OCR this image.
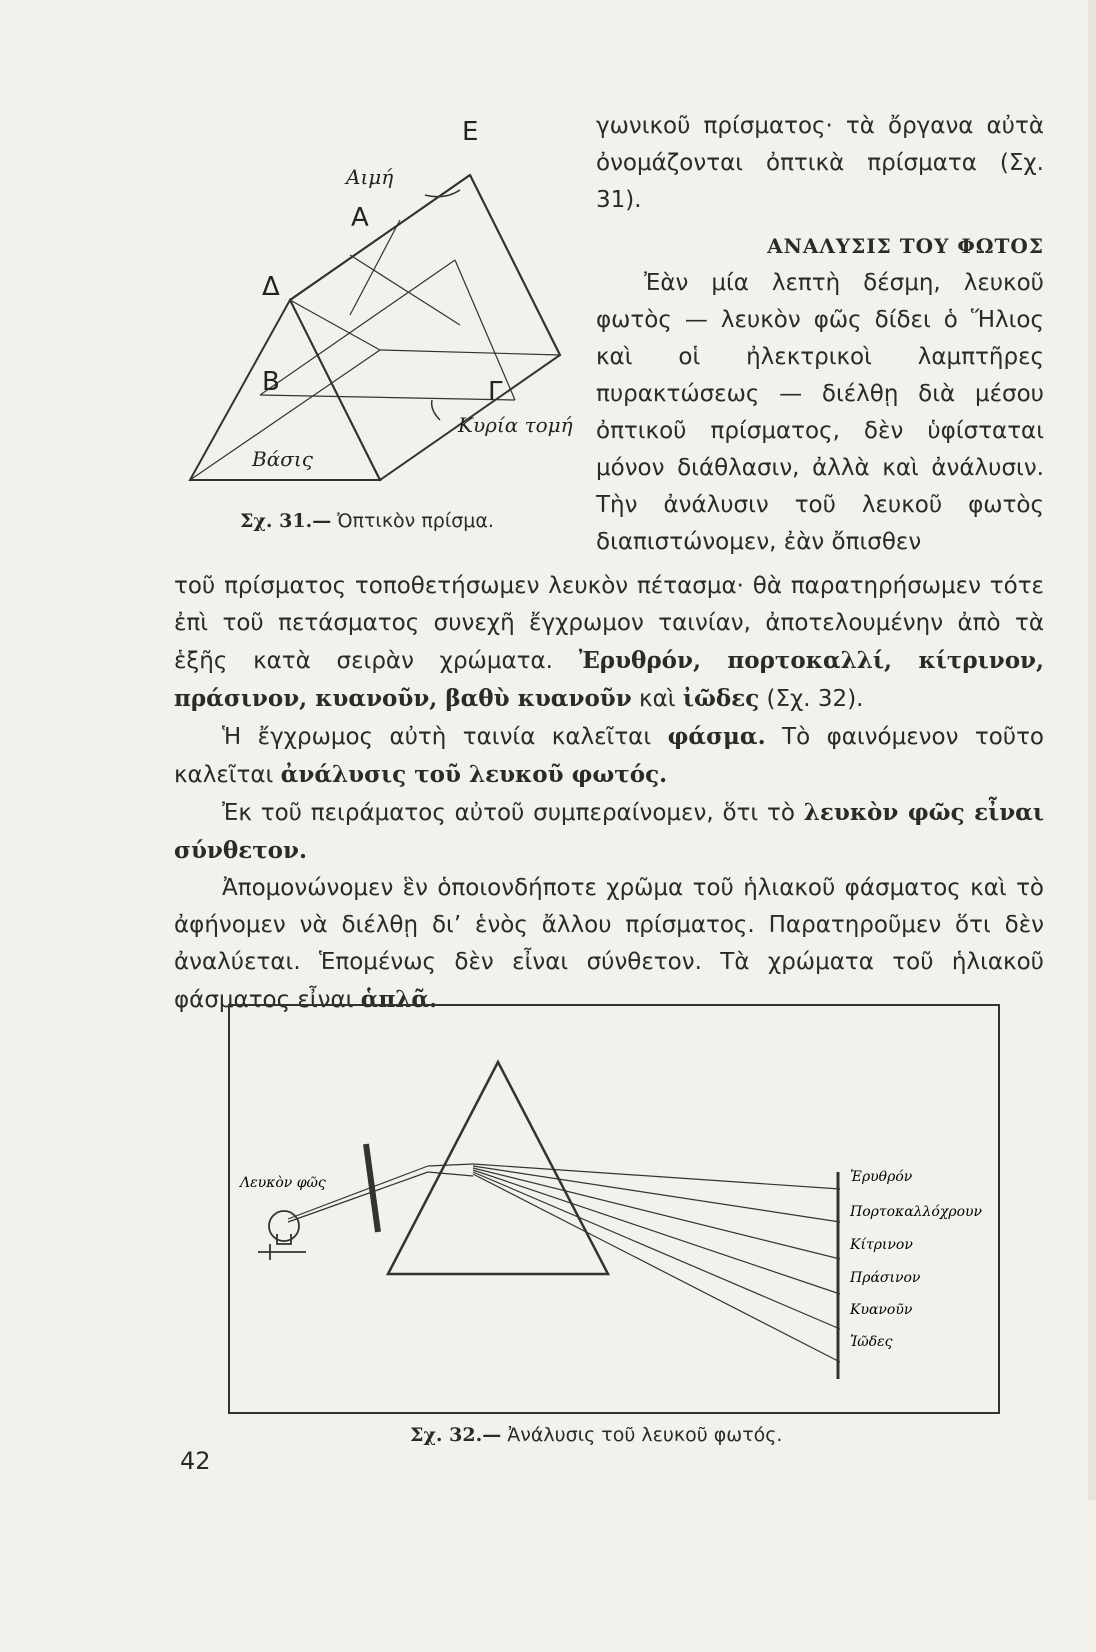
Ε
Α
Δ
Β	Γ
Αιμή
Κυρία τομή
Βάσις
Σχ. 31.— Ὀπτικὸν πρίσμα.

γωνικοῦ πρίσματος· τὰ ὄργανα αὐτὰ ὀνομάζονται ὀπτικὰ πρίσματα (Σχ. 31).

ΑΝΑΛΥΣΙΣ ΤΟΥ ΦΩΤΟΣ

Ἐὰν μία λεπτὴ δέσμη, λευκοῦ φωτὸς — λευκὸν φῶς δίδει ὁ Ἥλιος καὶ οἱ ἠλεκτρικοὶ λαμπτῆρες πυρακτώσεως — διέλθῃ διὰ μέσου ὀπτικοῦ πρίσματος, δὲν ὑφίσταται μόνον διάθλασιν, ἀλλὰ καὶ ἀνάλυσιν. Τὴν ἀνάλυσιν τοῦ λευκοῦ φωτὸς διαπιστώνομεν, ἐὰν ὄπισθεν

τοῦ πρίσματος τοποθετήσωμεν λευκὸν πέτασμα· θὰ παρατηρήσωμεν τότε ἐπὶ τοῦ πετάσματος συνεχῆ ἔγχρωμον ταινίαν, ἀποτελουμένην ἀπὸ τὰ ἑξῆς κατὰ σειρὰν χρώματα. Ἐρυθρόν, πορτοκαλλί, κίτρινον, πράσινον, κυανοῦν, βαθὺ κυανοῦν καὶ ἰῶδες (Σχ. 32).

Ἡ ἔγχρωμος αὐτὴ ταινία καλεῖται φάσμα. Τὸ φαινόμενον τοῦτο καλεῖται ἀνάλυσις τοῦ λευκοῦ φωτός.

Ἐκ τοῦ πειράματος αὐτοῦ συμπεραίνομεν, ὅτι τὸ λευκὸν φῶς εἶναι σύνθετον.

Ἀπομονώνομεν ἓν ὁποιονδήποτε χρῶμα τοῦ ἡλιακοῦ φάσματος καὶ τὸ ἀφήνομεν νὰ διέλθῃ δι’ ἑνὸς ἄλλου πρίσματος. Παρατηροῦμεν ὅτι δὲν ἀναλύεται. Ἑπομένως δὲν εἶναι σύνθετον. Τὰ χρώματα τοῦ ἡλιακοῦ φάσματος εἶναι ἁπλᾶ.

Λευκὸν φῶς	Ἐρυθρόν
Πορτοκαλλόχρουν
Κίτρινον
Πράσινον
Κυανοῦν
Ἰῶδες
Σχ. 32.— Ἀνάλυσις τοῦ λευκοῦ φωτός.
42
